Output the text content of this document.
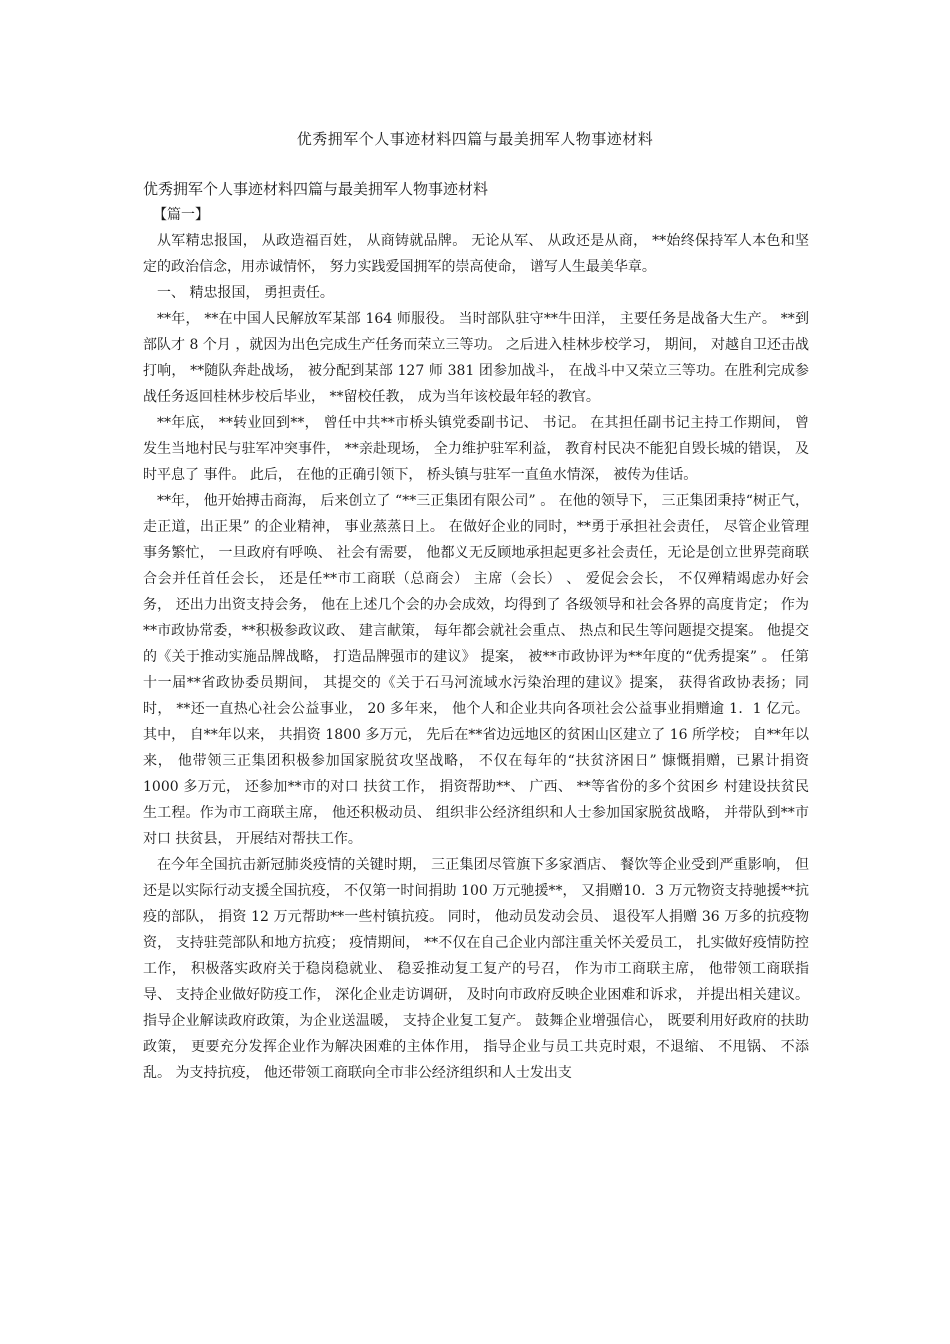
优秀拥军个人事迹材料四篇与最美拥军人物事迹材料

优秀拥军个人事迹材料四篇与最美拥军人物事迹材料

【篇一】

从军精忠报国， 从政造福百姓， 从商铸就品牌。 无论从军、 从政还是从商， **始终保持军人本色和坚定的政治信念，用赤诚情怀， 努力实践爱国拥军的崇高使命， 谱写人生最美华章。

一、 精忠报国， 勇担责任。

**年， **在中国人民解放军某部 164 师服役。 当时部队驻守**牛田洋， 主要任务是战备大生产。 **到部队才 8 个月 ，就因为出色完成生产任务而荣立三等功。 之后进入桂林步校学习， 期间， 对越自卫还击战打响， **随队奔赴战场， 被分配到某部 127 师 381 团参加战斗， 在战斗中又荣立三等功。在胜利完成参战任务返回桂林步校后毕业， **留校任教， 成为当年该校最年轻的教官。

**年底， **转业回到**， 曾任中共**市桥头镇党委副书记、 书记。 在其担任副书记主持工作期间， 曾发生当地村民与驻军冲突事件， **亲赴现场， 全力维护驻军利益， 教育村民决不能犯自毁长城的错误， 及时平息了 事件。 此后， 在他的正确引领下， 桥头镇与驻军一直鱼水情深， 被传为佳话。

**年， 他开始搏击商海， 后来创立了 “**三正集团有限公司” 。 在他的领导下， 三正集团秉持“树正气， 走正道，出正果” 的企业精神， 事业蒸蒸日上。 在做好企业的同时，**勇于承担社会责任， 尽管企业管理事务繁忙， 一旦政府有呼唤、 社会有需要， 他都义无反顾地承担起更多社会责任，无论是创立世界莞商联合会并任首任会长， 还是任**市工商联（总商会） 主席（会长） 、 爱促会会长， 不仅殚精竭虑办好会务， 还出力出资支持会务， 他在上述几个会的办会成效，均得到了 各级领导和社会各界的高度肯定； 作为**市政协常委，**积极参政议政、 建言献策， 每年都会就社会重点、 热点和民生等问题提交提案。 他提交的《关于推动实施品牌战略， 打造品牌强市的建议》 提案， 被**市政协评为**年度的“优秀提案” 。 任第十一届**省政协委员期间， 其提交的《关于石马河流域水污染治理的建议》提案， 获得省政协表扬；同时， **还一直热心社会公益事业， 20 多年来， 他个人和企业共向各项社会公益事业捐赠逾 1．1 亿元。 其中， 自**年以来， 共捐资 1800 多万元， 先后在**省边远地区的贫困山区建立了 16 所学校； 自**年以来， 他带领三正集团积极参加国家脱贫攻坚战略， 不仅在每年的“扶贫济困日” 慷慨捐赠，已累计捐资 1000 多万元， 还参加**市的对口 扶贫工作， 捐资帮助**、 广西、 **等省份的多个贫困乡 村建设扶贫民生工程。作为市工商联主席， 他还积极动员、 组织非公经济组织和人士参加国家脱贫战略， 并带队到**市对口 扶贫县， 开展结对帮扶工作。

在今年全国抗击新冠肺炎疫情的关键时期， 三正集团尽管旗下多家酒店、 餐饮等企业受到严重影响， 但还是以实际行动支援全国抗疫， 不仅第一时间捐助 100 万元驰援**， 又捐赠10．3 万元物资支持驰援**抗疫的部队， 捐资 12 万元帮助**一些村镇抗疫。 同时， 他动员发动会员、 退役军人捐赠 36 万多的抗疫物资， 支持驻莞部队和地方抗疫； 疫情期间， **不仅在自己企业内部注重关怀关爱员工， 扎实做好疫情防控工作， 积极落实政府关于稳岗稳就业、 稳妥推动复工复产的号召， 作为市工商联主席， 他带领工商联指导、 支持企业做好防疫工作， 深化企业走访调研， 及时向市政府反映企业困难和诉求， 并提出相关建议。 指导企业解读政府政策，为企业送温暖， 支持企业复工复产。 鼓舞企业增强信心， 既要利用好政府的扶助政策， 更要充分发挥企业作为解决困难的主体作用， 指导企业与员工共克时艰，不退缩、 不甩锅、 不添乱。 为支持抗疫， 他还带领工商联向全市非公经济组织和人士发出支
